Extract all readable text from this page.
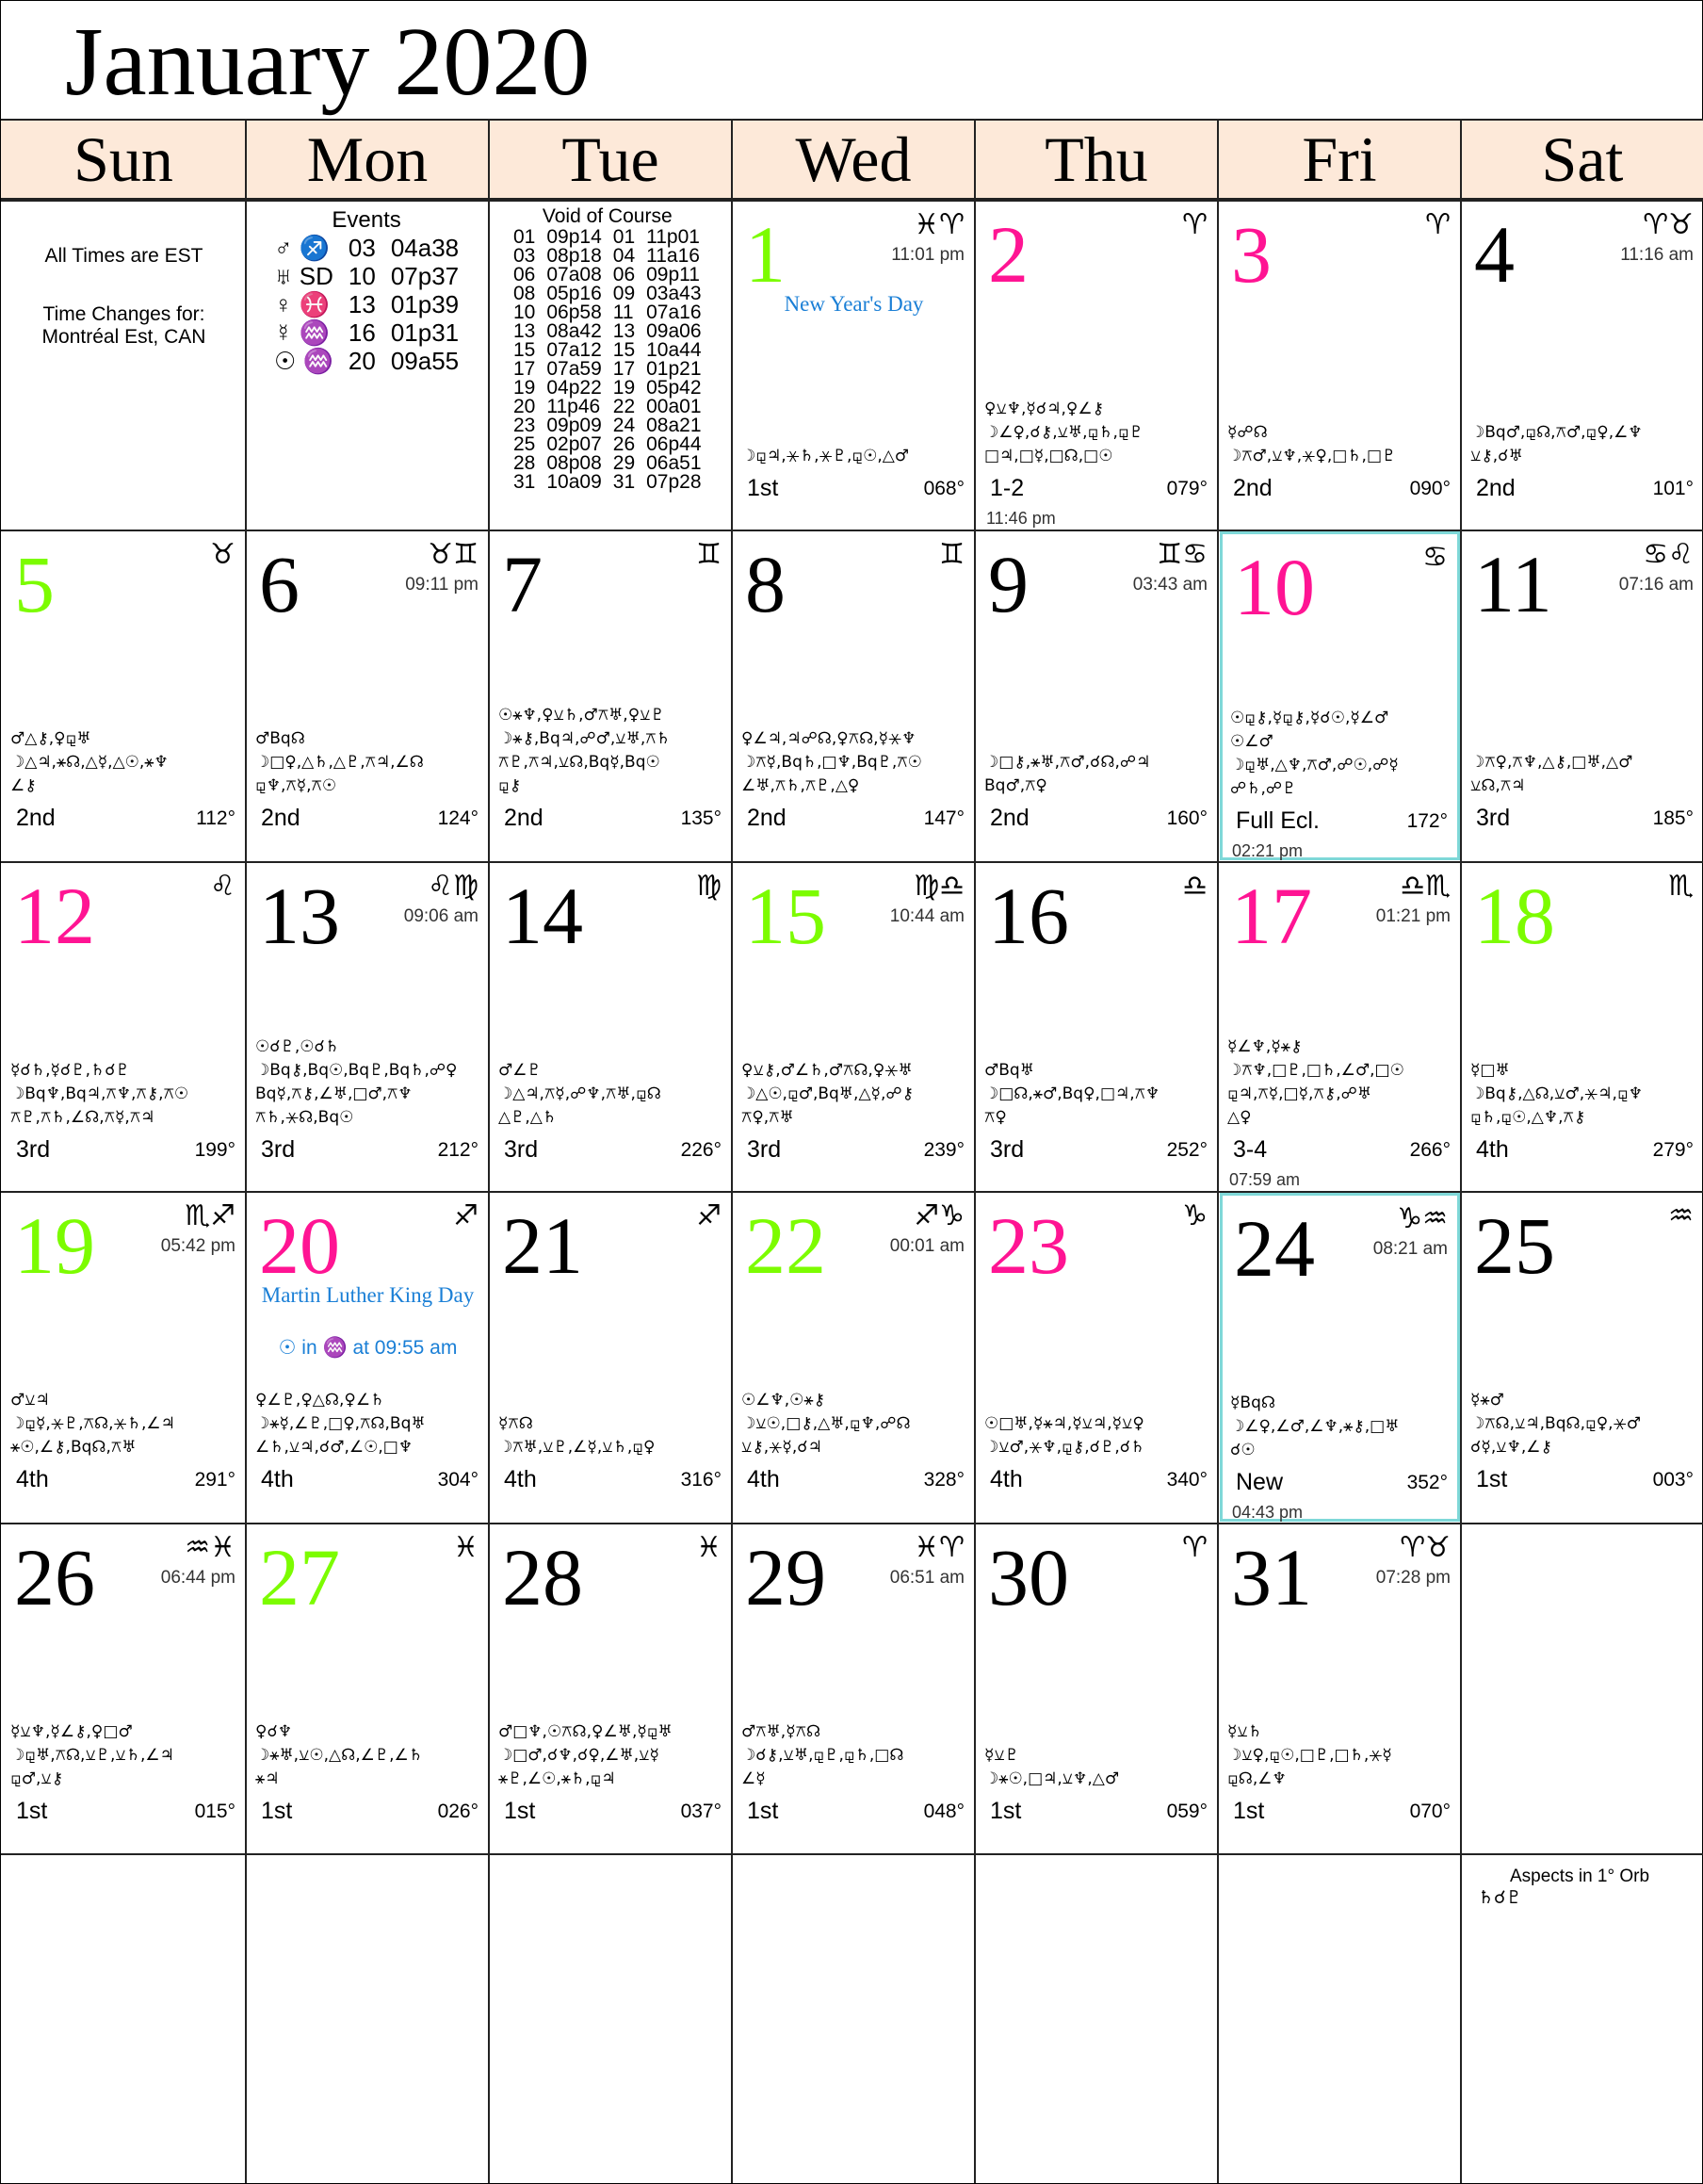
January 2020
Sun	Mon	Tue	Wed	Thu	Fri	Sat
All Times are EST
Time Changes for:
Montréal Est, CAN
Events
♂ ♐	03	04a38
♅ SD	10	07p37
♀ ♓	13	01p39
☿ ♒	16	01p31
☉ ♒	20	09a55
Void of Course
01	09p14	01	11p01
03	08p18	04	11a16
06	07a08	06	09p11
08	05p16	09	03a43
10	06p58	11	07a16
13	08a42	13	09a06
15	07a12	15	10a44
17	07a59	17	01p21
19	04p22	19	05p42
20	11p46	22	00a01
23	09p09	24	08a21
25	02p07	26	06p44
28	08p08	29	06a51
31	10a09	31	07p28
1	♓♈
11:01 pm
New Year's Day
☽⚼♃,⚹♄,⚹♇,⚼☉,△♂
1st	068°
2	♈
♀⚺♆,☿☌♃,♀∠⚷
☽∠♀,☌⚷,⚺♅,⚼♄,⚼♇
□♃,□☿,□☊,□☉
1-2	079°
11:46 pm
3	♈
☿☍☊
☽⚻♂,⚺♆,⚹♀,□♄,□♇
2nd	090°
4	♈♉
11:16 am
☽Bq♂,⚼☊,⚻♂,⚼♀,∠♆
⚺⚷,☌♅
2nd	101°
5	♉
♂△⚷,♀⚼♅
☽△♃,⚹☊,△☿,△☉,⚹♆
∠⚷
2nd	112°
6	♉♊
09:11 pm
♂Bq☊
☽□♀,△♄,△♇,⚻♃,∠☊
⚼♆,⚻☿,⚻☉
2nd	124°
7	♊
☉⚹♆,♀⚺♄,♂⚻♅,♀⚺♇
☽⚹⚷,Bq♃,☍♂,⚺♅,⚻♄
⚻♇,⚻♃,⚺☊,Bq☿,Bq☉
⚼⚷
2nd	135°
8	♊
♀∠♃,♃☍☊,♀⚻☊,☿⚹♆
☽⚻☿,Bq♄,□♆,Bq♇,⚻☉
∠♅,⚻♄,⚻♇,△♀
2nd	147°
9	♊♋
03:43 am
☽□⚷,⚹♅,⚻♂,☌☊,☍♃
Bq♂,⚻♀
2nd	160°
10	♋
☉⚼⚷,☿⚼⚷,☿☌☉,☿∠♂
☉∠♂
☽⚼♅,△♆,⚻♂,☍☉,☍☿
☍♄,☍♇
Full Ecl.	172°
02:21 pm
11	♋♌
07:16 am
☽⚻♀,⚻♆,△⚷,□♅,△♂
⚺☊,⚻♃
3rd	185°
12	♌
☿☌♄,☿☌♇,♄☌♇
☽Bq♆,Bq♃,⚻♆,⚻⚷,⚻☉
⚻♇,⚻♄,∠☊,⚻☿,⚻♃
3rd	199°
13	♌♍
09:06 am
☉☌♇,☉☌♄
☽Bq⚷,Bq☉,Bq♇,Bq♄,☍♀
Bq☿,⚻⚷,∠♅,□♂,⚻♆
⚻♄,⚹☊,Bq☉
3rd	212°
14	♍
♂∠♇
☽△♃,⚻☿,☍♆,⚻♅,⚼☊
△♇,△♄
3rd	226°
15	♍♎
10:44 am
♀⚺⚷,♂∠♄,♂⚻☊,♀⚹♅
☽△☉,⚼♂,Bq♅,△☿,☍⚷
⚻♀,⚻♅
3rd	239°
16	♎
♂Bq♅
☽□☊,⚹♂,Bq♀,□♃,⚻♆
⚻♀
3rd	252°
17	♎♏
01:21 pm
☿∠♆,☿⚹⚷
☽⚻♆,□♇,□♄,∠♂,□☉
⚼♃,⚻☿,□☿,⚻⚷,☍♅
△♀
3-4	266°
07:59 am
18	♏
☿□♅
☽Bq⚷,△☊,⚺♂,⚹♃,⚼♆
⚼♄,⚼☉,△♆,⚻⚷
4th	279°
19	♏♐
05:42 pm
♂⚺♃
☽⚼☿,⚹♇,⚻☊,⚹♄,∠♃
⚹☉,∠⚷,Bq☊,⚻♅
4th	291°
20	♐
Martin Luther King Day
☉ in ♒ at 09:55 am
♀∠♇,♀△☊,♀∠♄
☽⚹☿,∠♇,□♀,⚻☊,Bq♅
∠♄,⚺♃,☌♂,∠☉,□♆
4th	304°
21	♐
☿⚻☊
☽⚻♅,⚺♇,∠☿,⚺♄,⚼♀
4th	316°
22	♐♑
00:01 am
☉∠♆,☉⚹⚷
☽⚺☉,□⚷,△♅,⚼♆,☍☊
⚺⚷,⚹☿,☌♃
4th	328°
23	♑
☉□♅,☿⚹♃,☿⚺♃,☿⚺♀
☽⚺♂,⚹♆,⚼⚷,☌♇,☌♄
4th	340°
24	♑♒
08:21 am
☿Bq☊
☽∠♀,∠♂,∠♆,⚹⚷,□♅
☌☉
New	352°
04:43 pm
25	♒
☿⚹♂
☽⚻☊,⚺♃,Bq☊,⚼♀,⚹♂
☌☿,⚺♆,∠⚷
1st	003°
26	♒♓
06:44 pm
☿⚺♆,☿∠⚷,♀□♂
☽⚼♅,⚻☊,⚺♇,⚺♄,∠♃
⚼♂,⚺⚷
1st	015°
27	♓
♀☌♆
☽⚹♅,⚺☉,△☊,∠♇,∠♄
⚹♃
1st	026°
28	♓
♂□♆,☉⚻☊,♀∠♅,☿⚼♅
☽□♂,☌♆,☌♀,∠♅,⚺☿
⚹♇,∠☉,⚹♄,⚼♃
1st	037°
29	♓♈
06:51 am
♂⚻♅,☿⚻☊
☽☌⚷,⚺♅,⚼♇,⚼♄,□☊
∠☿
1st	048°
30	♈
☿⚺♇
☽⚹☉,□♃,⚺♆,△♂
1st	059°
31	♈♉
07:28 pm
☿⚺♄
☽⚺♀,⚼☉,□♇,□♄,⚹☿
⚼☊,∠♆
1st	070°
Aspects in 1° Orb
♄☌♇
